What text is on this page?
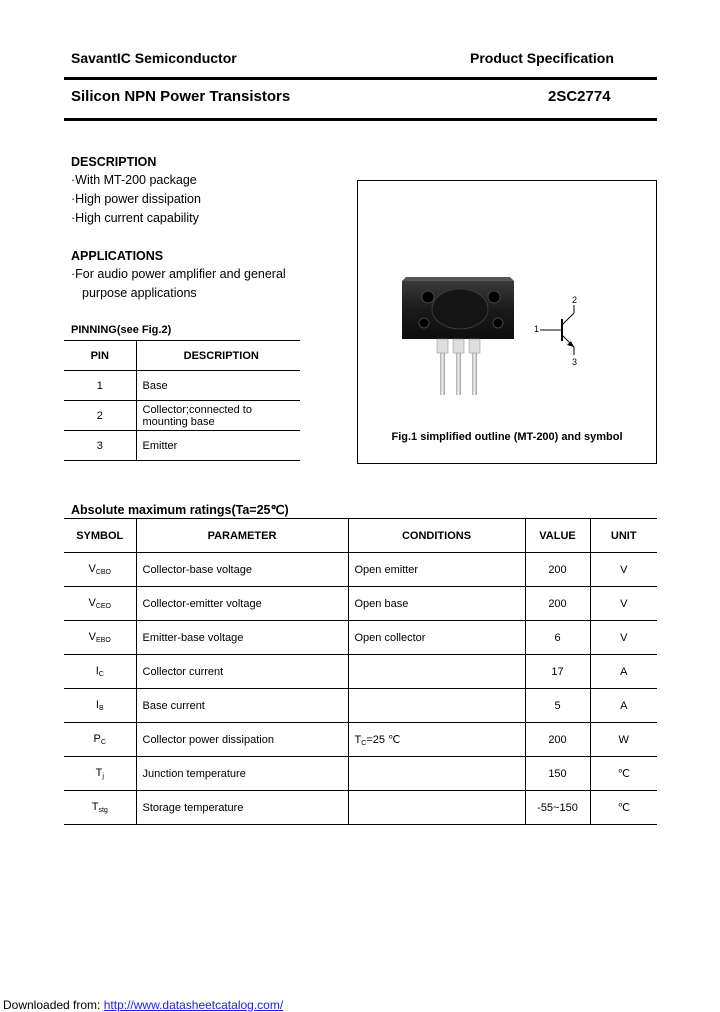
SavantIC Semiconductor	Product Specification
Silicon NPN Power Transistors	2SC2774
DESCRIPTION
·With MT-200 package
·High power dissipation
·High current capability
APPLICATIONS
·For audio power amplifier and general
purpose applications
PINNING(see Fig.2)
PIN	DESCRIPTION
1	Base
2	Collector;connected to
mounting base

3	Emitter
1
2
3
Fig.1 simplified outline (MT-200) and symbol
Absolute maximum ratings(Ta=25℃)
SYMBOL	PARAMETER	CONDITIONS	VALUE	UNIT
$V_{CBO}$	Collector-base voltage	Open emitter	200	V
$V_{CEO}$	Collector-emitter voltage	Open base	200	V
$V_{EBO}$	Emitter-base voltage	Open collector	6	V
$I_C$	Collector current		17	A
$I_B$	Base current		5	A
$P_C$	Collector power dissipation	$T_C=25$ ℃	200	W
$T_j$	Junction temperature		150	℃
$T_{stg}$	Storage temperature		-55~150	℃
Downloaded from: http://www.datasheetcatalog.com/
